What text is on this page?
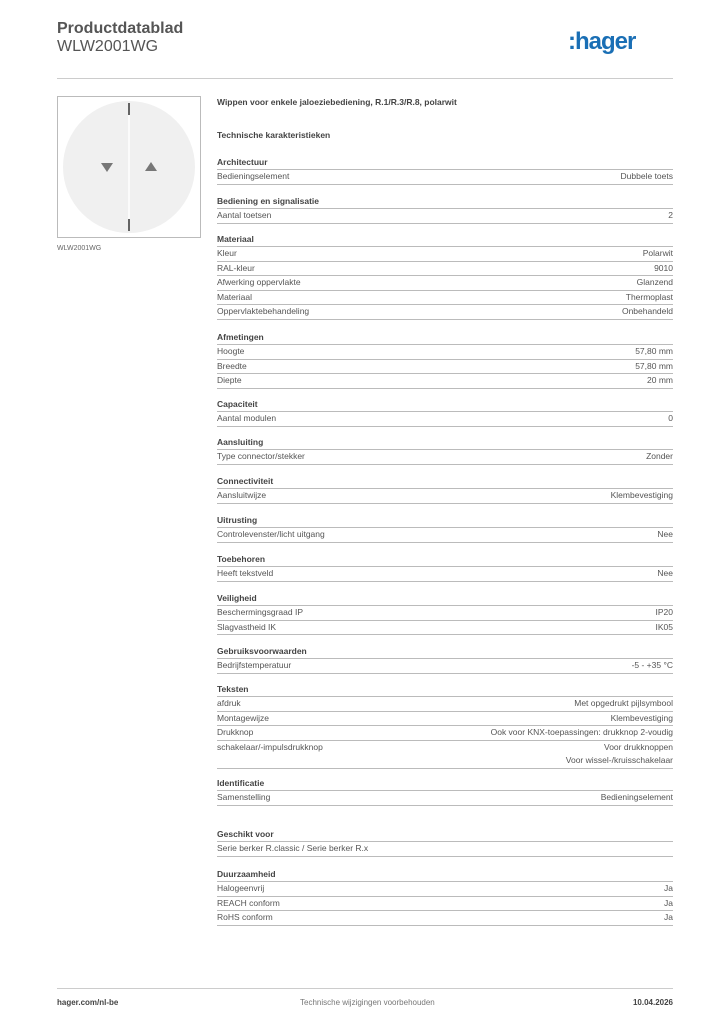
Productdatablad
WLW2001WG	:hager
WLW2001WG
Wippen voor enkele jaloeziebediening, R.1/R.3/R.8, polarwit
Technische karakteristieken
Architectuur
Bedieningselement	Dubbele toets
Bediening en signalisatie
Aantal toetsen	2
Materiaal
Kleur	Polarwit
RAL-kleur	9010
Afwerking oppervlakte	Glanzend
Materiaal	Thermoplast
Oppervlaktebehandeling	Onbehandeld
Afmetingen
Hoogte	57,80 mm
Breedte	57,80 mm
Diepte	20 mm
Capaciteit
Aantal modulen	0
Aansluiting
Type connector/stekker	Zonder
Connectiviteit
Aansluitwijze	Klembevestiging
Uitrusting
Controlevenster/licht uitgang	Nee
Toebehoren
Heeft tekstveld	Nee
Veiligheid
Beschermingsgraad IP	IP20
Slagvastheid IK	IK05
Gebruiksvoorwaarden
Bedrijfstemperatuur	-5 - +35 °C
Teksten
afdruk	Met opgedrukt pijlsymbool
Montagewijze	Klembevestiging
Drukknop	Ook voor KNX-toepassingen: drukknop 2-voudig
schakelaar/-impulsdrukknop	Voor drukknoppen
Voor wissel-/kruisschakelaar
Identificatie
Samenstelling	Bedieningselement
Geschikt voor
Serie berker R.classic / Serie berker R.x
Duurzaamheid
Halogeenvrij	Ja
REACH conform	Ja
RoHS conform	Ja
hager.com/nl-be	Technische wijzigingen voorbehouden	10.04.2026
